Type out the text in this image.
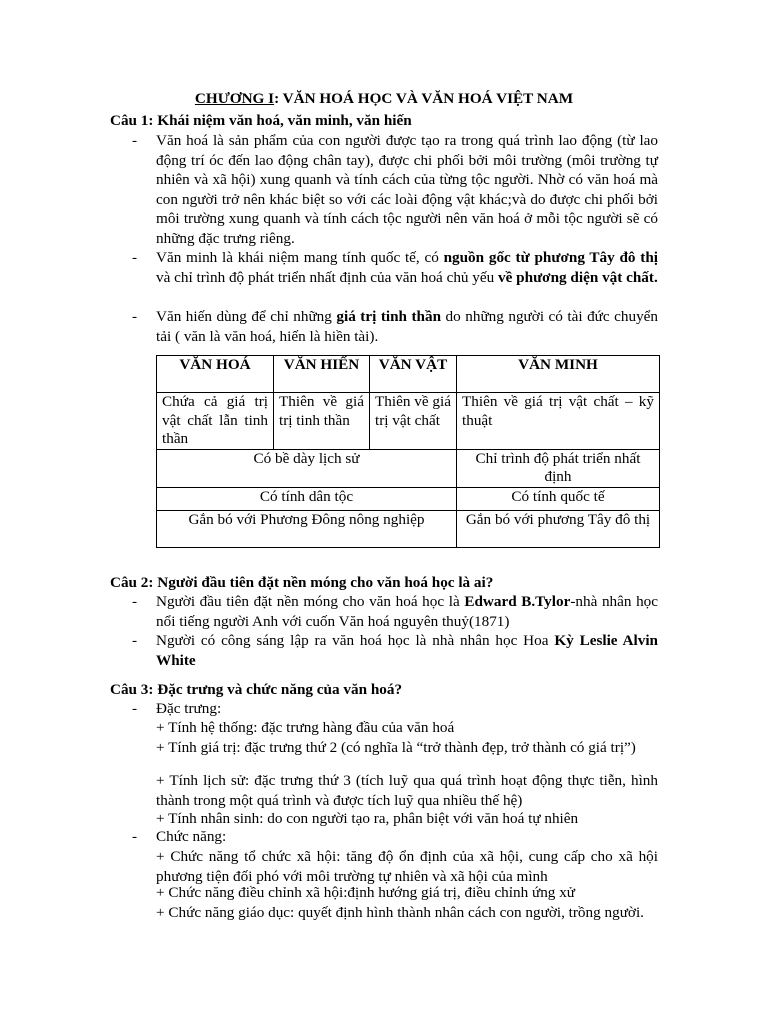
CHƯƠNG I: VĂN HOÁ HỌC VÀ VĂN HOÁ VIỆT NAM
Câu 1: Khái niệm văn hoá, văn minh, văn hiến
- Văn hoá là sản phẩm của con người được tạo ra trong quá trình lao động (từ lao động trí óc đến lao động chân tay), được chi phối bởi môi trường (môi trường tự nhiên và xã hội) xung quanh và tính cách của từng tộc người. Nhờ có văn hoá mà con người trở nên khác biệt so với các loài động vật khác;và do được chi phối bởi môi trường xung quanh và tính cách tộc người nên văn hoá ở mỗi tộc người sẽ có những đặc trưng riêng.
- Văn minh là khái niệm mang tính quốc tế, có nguồn gốc từ phương Tây đô thị và chỉ trình độ phát triển nhất định của văn hoá chủ yếu về phương diện vật chất.
- Văn hiến dùng để chỉ những giá trị tinh thần do những người có tài đức chuyển tải ( văn là văn hoá, hiến là hiền tài).
VĂN HOÁ	VĂN HIẾN	VĂN VẬT	VĂN MINH
Chứa cả giá trị vật chất lẫn tinh thần	Thiên về giá trị tinh thần	Thiên về giá trị vật chất	Thiên về giá trị vật chất – kỹ thuật
Có bề dày lịch sử			Chỉ trình độ phát triển nhất định
Có tính dân tộc			Có tính quốc tế
Gắn bó với Phương Đông nông nghiệp			Gắn bó với phương Tây đô thị
Câu 2: Người đầu tiên đặt nền móng cho văn hoá học là ai?
- Người đầu tiên đặt nền móng cho văn hoá học là Edward B.Tylor-nhà nhân học nổi tiếng người Anh với cuốn Văn hoá nguyên thuỷ(1871)
- Người có công sáng lập ra văn hoá học là nhà nhân học Hoa Kỳ Leslie Alvin White
Câu 3: Đặc trưng và chức năng của văn hoá?
- Đặc trưng:
+ Tính hệ thống: đặc trưng hàng đầu của văn hoá
+ Tính giá trị: đặc trưng thứ 2 (có nghĩa là “trở thành đẹp, trở thành có giá trị”)
+ Tính lịch sử: đặc trưng thứ 3 (tích luỹ qua quá trình hoạt động thực tiễn, hình thành trong một quá trình và được tích luỹ qua nhiều thế hệ)
+ Tính nhân sinh: do con người tạo ra, phân biệt với văn hoá tự nhiên
- Chức năng:
+ Chức năng tổ chức xã hội: tăng độ ổn định của xã hội, cung cấp cho xã hội phương tiện đối phó với môi trường tự nhiên và xã hội của mình
+ Chức năng điều chỉnh xã hội:định hướng giá trị, điều chỉnh ứng xử
+ Chức năng giáo dục: quyết định hình thành nhân cách con người, trồng người.
